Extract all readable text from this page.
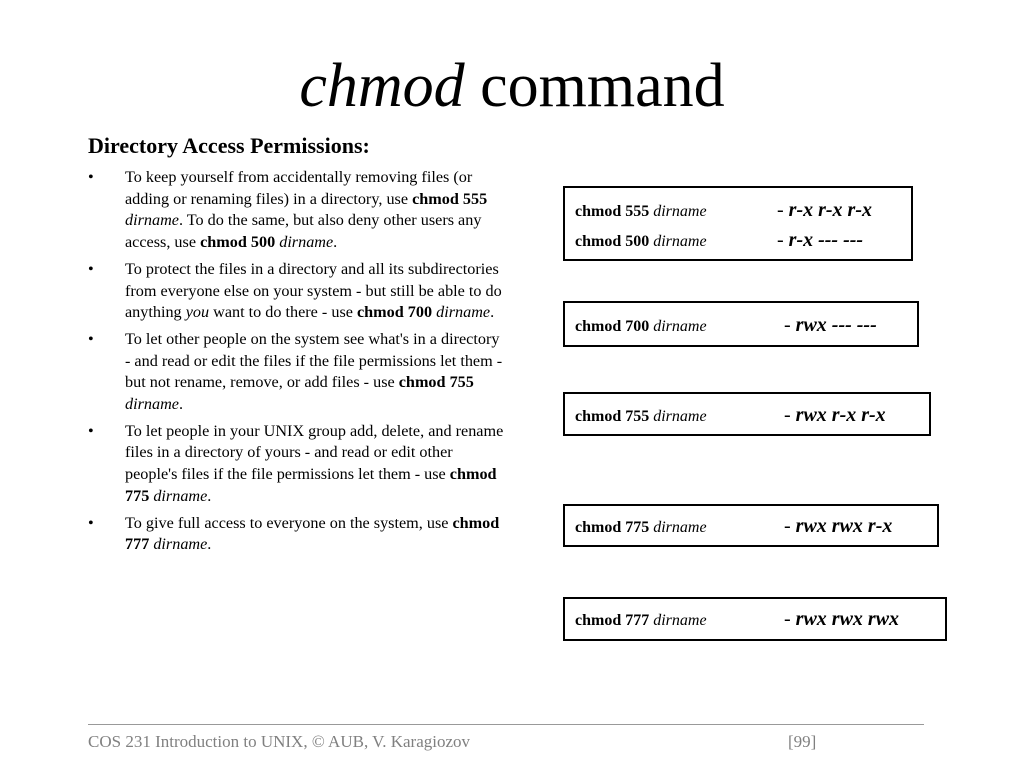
chmod command
Directory Access Permissions:
• To keep yourself from accidentally removing files (or adding or renaming files) in a directory, use chmod 555 dirname. To do the same, but also deny other users any access, use chmod 500 dirname.
• To protect the files in a directory and all its subdirectories from everyone else on your system - but still be able to do anything you want to do there - use chmod 700 dirname.
• To let other people on the system see what's in a directory - and read or edit the files if the file permissions let them - but not rename, remove, or add files - use chmod 755 dirname.
• To let people in your UNIX group add, delete, and rename files in a directory of yours - and read or edit other people's files if the file permissions let them - use chmod 775 dirname.
• To give full access to everyone on the system, use chmod 777 dirname.
chmod 555 dirname	- r-x r-x r-x
chmod 500 dirname	- r-x --- ---
chmod 700 dirname	- rwx --- ---
chmod 755 dirname	- rwx r-x r-x
chmod 775 dirname	- rwx rwx r-x
chmod 777 dirname	- rwx rwx rwx
COS 231 Introduction to UNIX, © AUB, V. Karagiozov	[99]
